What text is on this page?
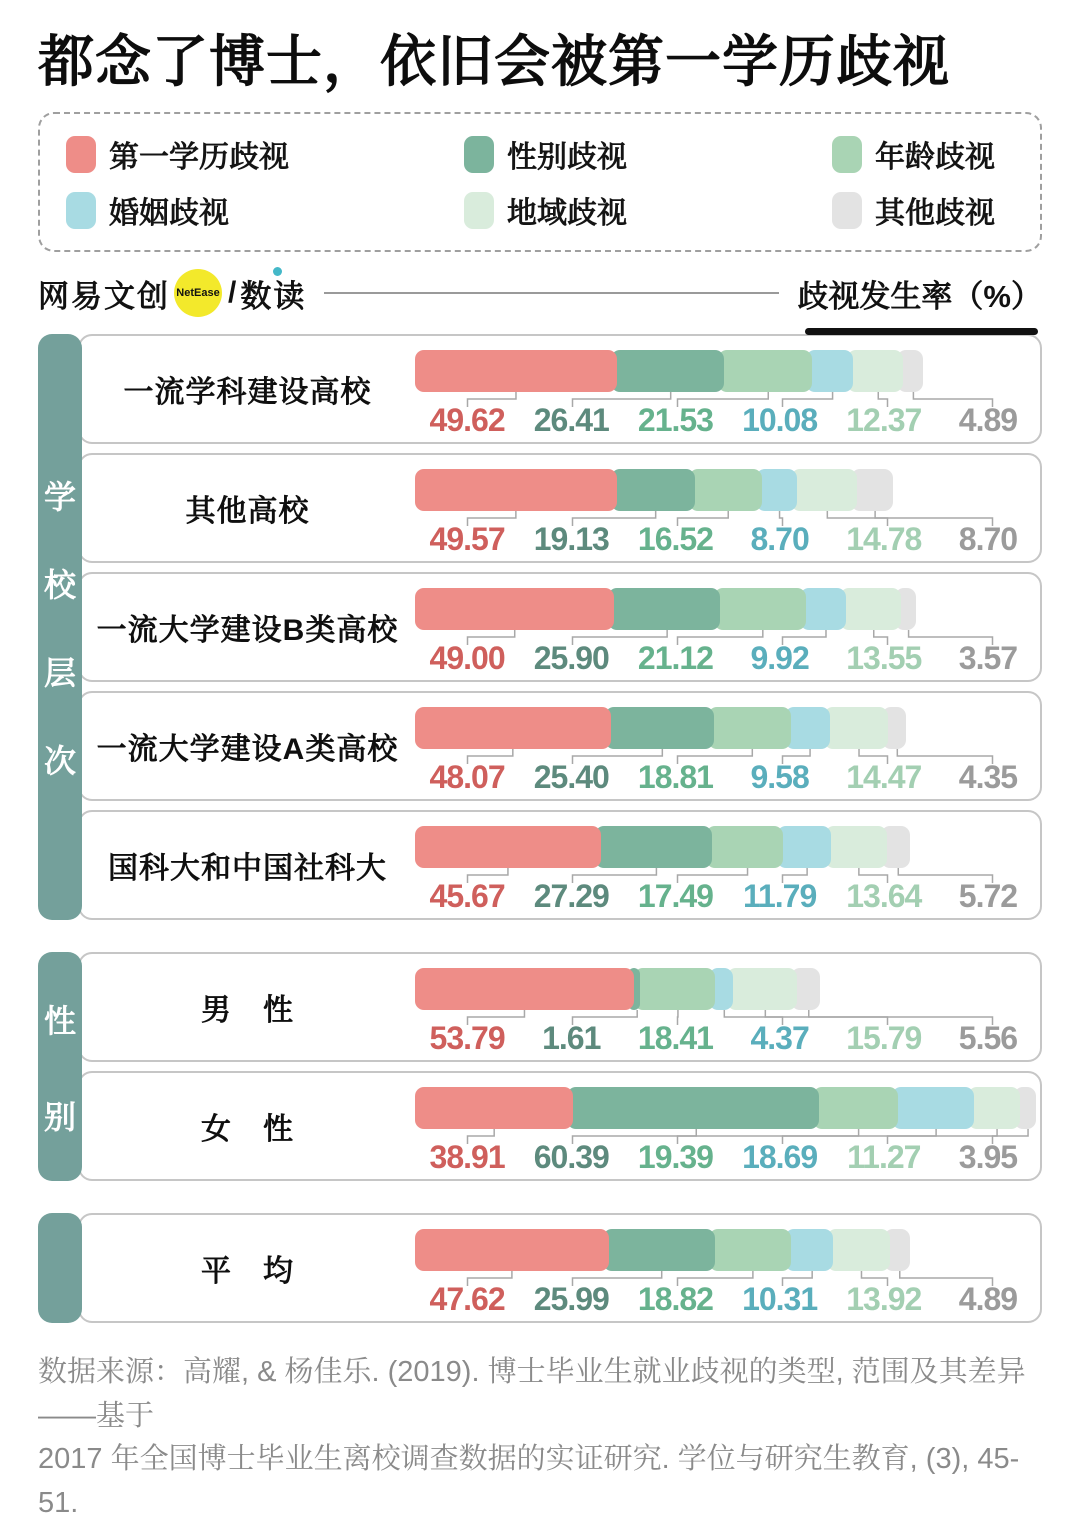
都念了博士，依旧会被第一学历歧视
第一学历歧视	性别歧视	年龄歧视
婚姻歧视	地域歧视	其他歧视
网易文创 NetEase / 数读	歧视发生率（%）
学
校
层
次
一流学科建设高校
49.62 26.41 21.53 10.08 12.37	4.89
其他高校
49.57 19.13 16.52	8.70	14.78	8.70
一流大学建设B类高校
49.00 25.90 21.12	9.92	13.55	3.57
一流大学建设A类高校
48.07 25.40 18.81	9.58	14.47	4.35
国科大和中国社科大
45.67 27.29 17.49 11.79 13.64	5.72
性
别
男　性
53.79	1.61	18.41	4.37	15.79	5.56
女　性
38.91 60.39 19.39 18.69 11.27	3.95
平　均
47.62 25.99 18.82 10.31 13.92	4.89
数据来源：高耀, & 杨佳乐. (2019). 博士毕业生就业歧视的类型, 范围及其差异——基于
2017 年全国博士毕业生离校调查数据的实证研究. 学位与研究生教育, (3), 45-51.
